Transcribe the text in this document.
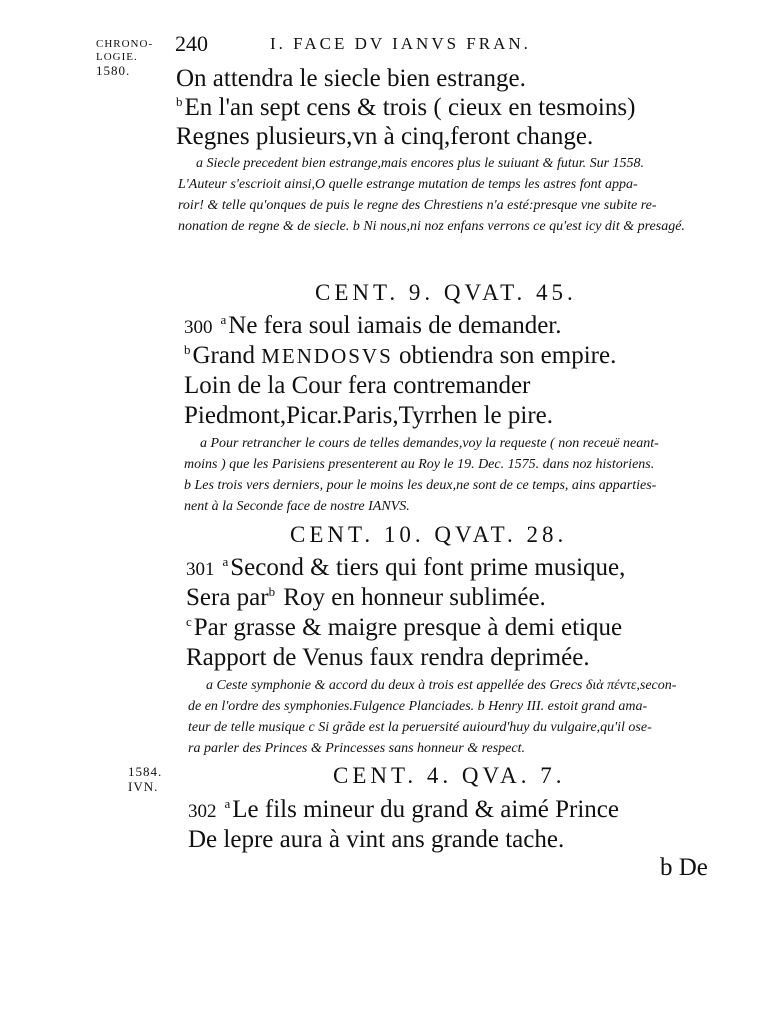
CHRONO-
LOGIE.
1580.
240	I. FACE DV IANVS FRAN.
On attendra le siecle bien estrange.
$^b$En l'an sept cens & trois ( cieux en tesmoins)
Regnes plusieurs,vn à cinq,feront change.
a Siecle precedent bien estrange,mais encores plus le suiuant & futur. Sur 1558.
L'Auteur s'escrioit ainsi,O quelle estrange mutation de temps les astres font appa-
roir! & telle qu'onques de puis le regne des Chrestiens n'a esté:presque vne subite re-
nonation de regne & de siecle. b Ni nous,ni noz enfans verrons ce qu'est icy dit & presagé.
CENT. 9. QVAT. 45.
300 $^a$Ne fera soul iamais de demander.
$^b$Grand MENDOSVS obtiendra son empire.
Loin de la Cour fera contremander
Piedmont,Picar.Paris,Tyrrhen le pire.
a Pour retrancher le cours de telles demandes,voy la requeste ( non receuë neant-
moins ) que les Parisiens presenterent au Roy le 19. Dec. 1575. dans noz historiens.
b Les trois vers derniers, pour le moins les deux,ne sont de ce temps, ains apparties-
nent à la Seconde face de nostre IANVS.
CENT. 10. QVAT. 28.
301 $^a$Second & tiers qui font prime musique,
Sera par$^b$ Roy en honneur sublimée.
$^c$Par grasse & maigre presque à demi etique
Rapport de Venus faux rendra deprimée.
a Ceste symphonie & accord du deux à trois est appellée des Grecs διὰ πέντε,secon-
de en l'ordre des symphonies.Fulgence Planciades. b Henry III. estoit grand ama-
teur de telle musique c Si grãde est la peruersité auiourd'huy du vulgaire,qu'il ose-
ra parler des Princes & Princesses sans honneur & respect.
1584.
IVN.	CENT. 4. QVA. 7.
302 $^a$Le fils mineur du grand & aimé Prince
De lepre aura à vint ans grande tache.
b De
